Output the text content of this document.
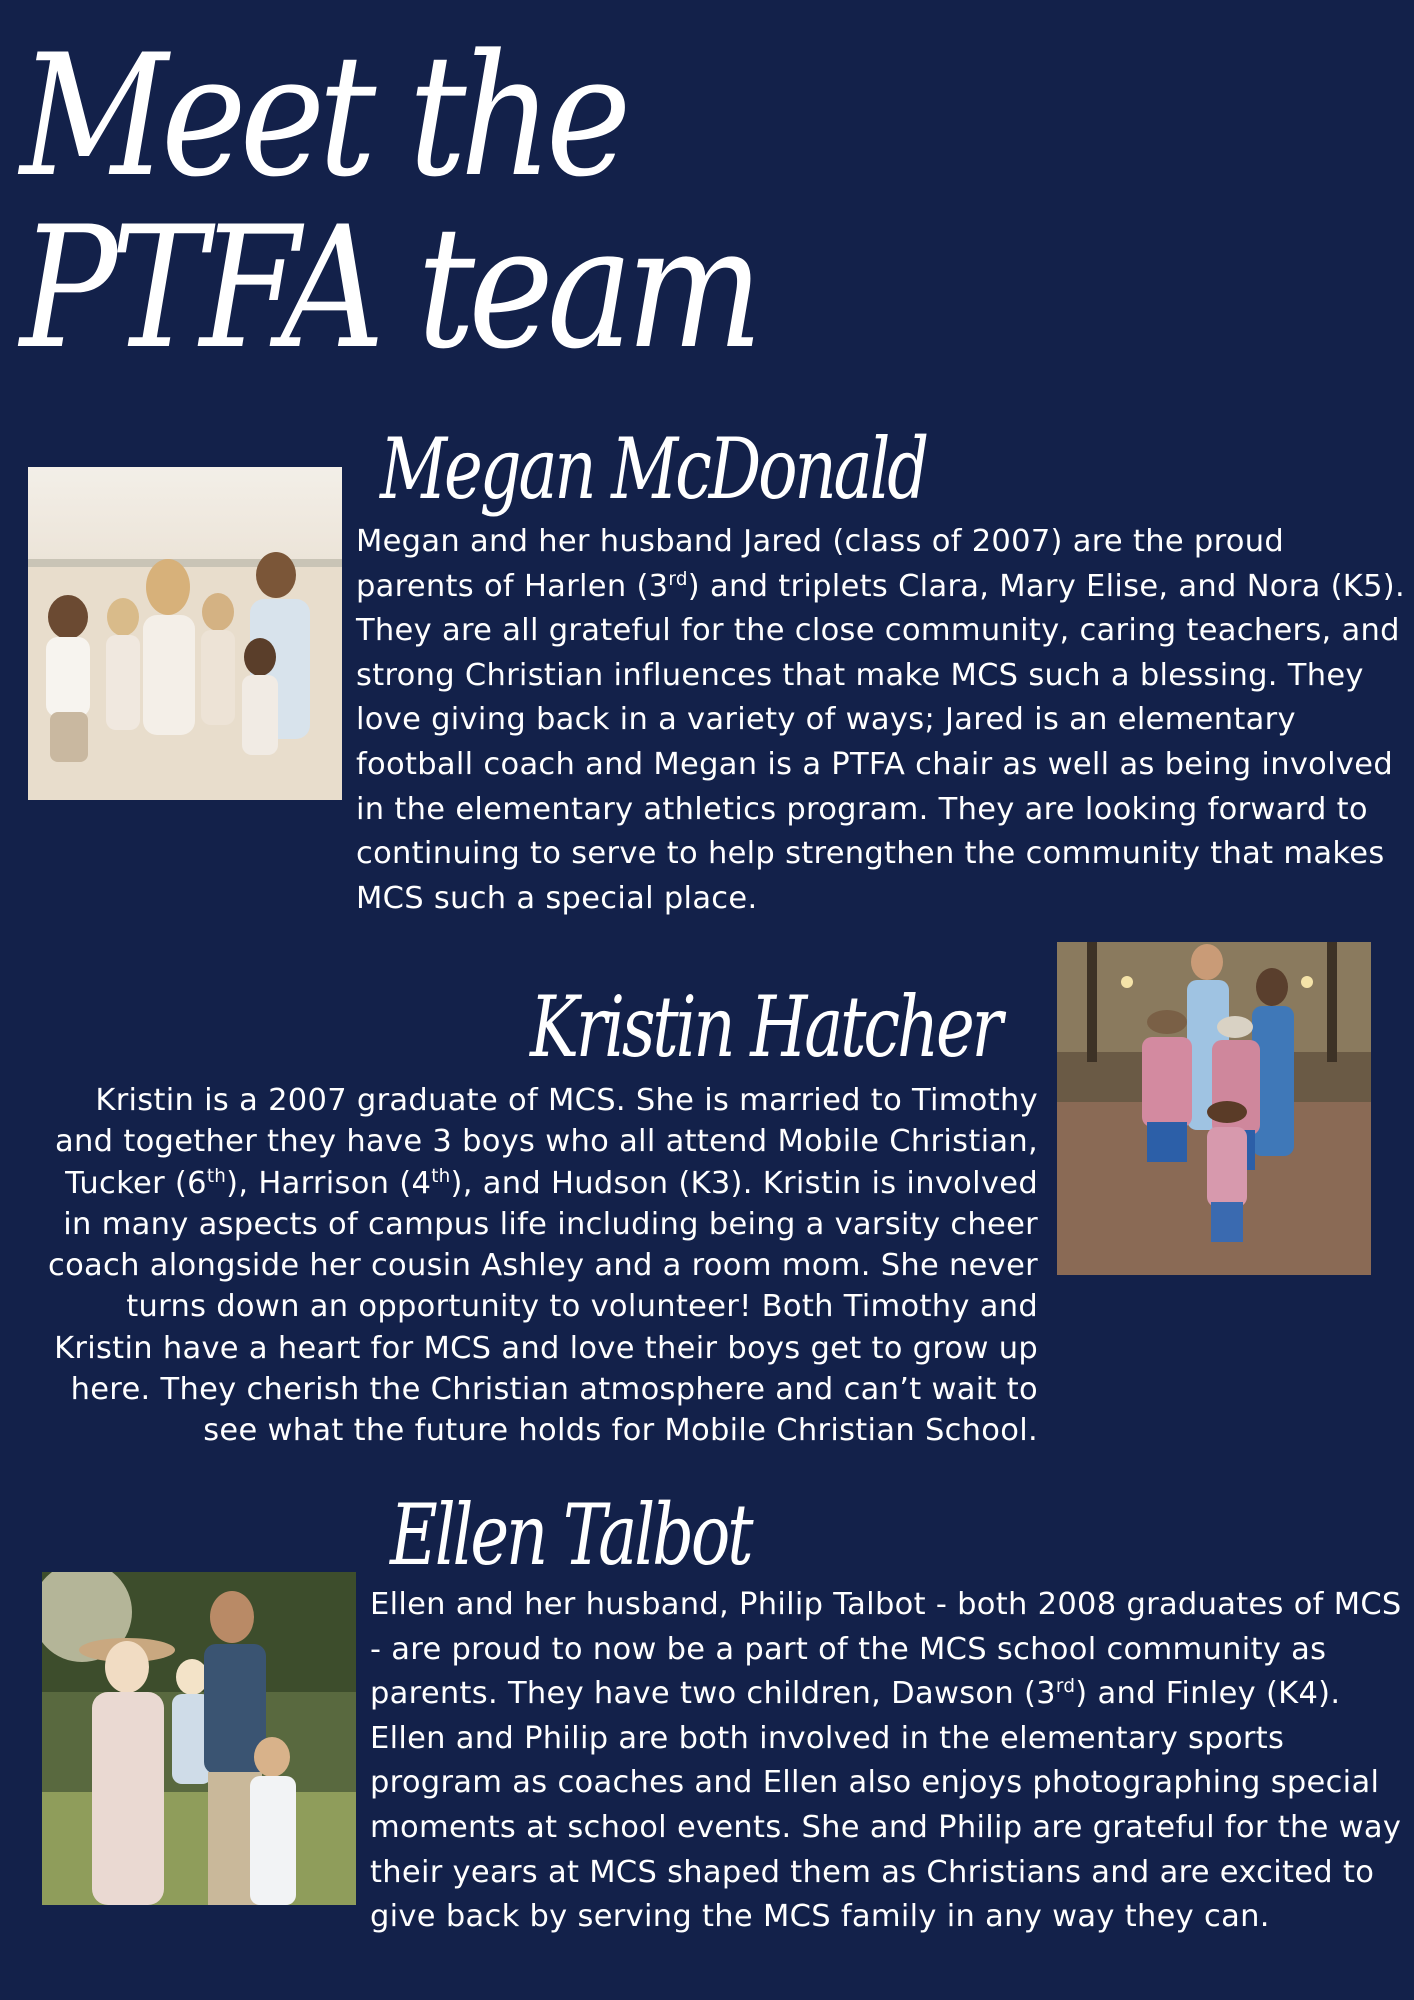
Meet the
PTFA team
Megan McDonald

Megan and her husband Jared (class of 2007) are the proud parents of Harlen (3rd) and triplets Clara, Mary Elise, and Nora (K5). They are all grateful for the close community, caring teachers, and strong Christian influences that make MCS such a blessing. They love giving back in a variety of ways; Jared is an elementary football coach and Megan is a PTFA chair as well as being involved in the elementary athletics program. They are looking forward to continuing to serve to help strengthen the community that makes MCS such a special place.

Kristin Hatcher

Kristin is a 2007 graduate of MCS. She is married to Timothy and together they have 3 boys who all attend Mobile Christian, Tucker (6th), Harrison (4th), and Hudson (K3). Kristin is involved in many aspects of campus life including being a varsity cheer coach alongside her cousin Ashley and a room mom. She never turns down an opportunity to volunteer! Both Timothy and Kristin have a heart for MCS and love their boys get to grow up here. They cherish the Christian atmosphere and can’t wait to see what the future holds for Mobile Christian School.

Ellen Talbot

Ellen and her husband, Philip Talbot - both 2008 graduates of MCS - are proud to now be a part of the MCS school community as parents. They have two children, Dawson (3rd) and Finley (K4). Ellen and Philip are both involved in the elementary sports program as coaches and Ellen also enjoys photographing special moments at school events. She and Philip are grateful for the way their years at MCS shaped them as Christians and are excited to give back by serving the MCS family in any way they can.
